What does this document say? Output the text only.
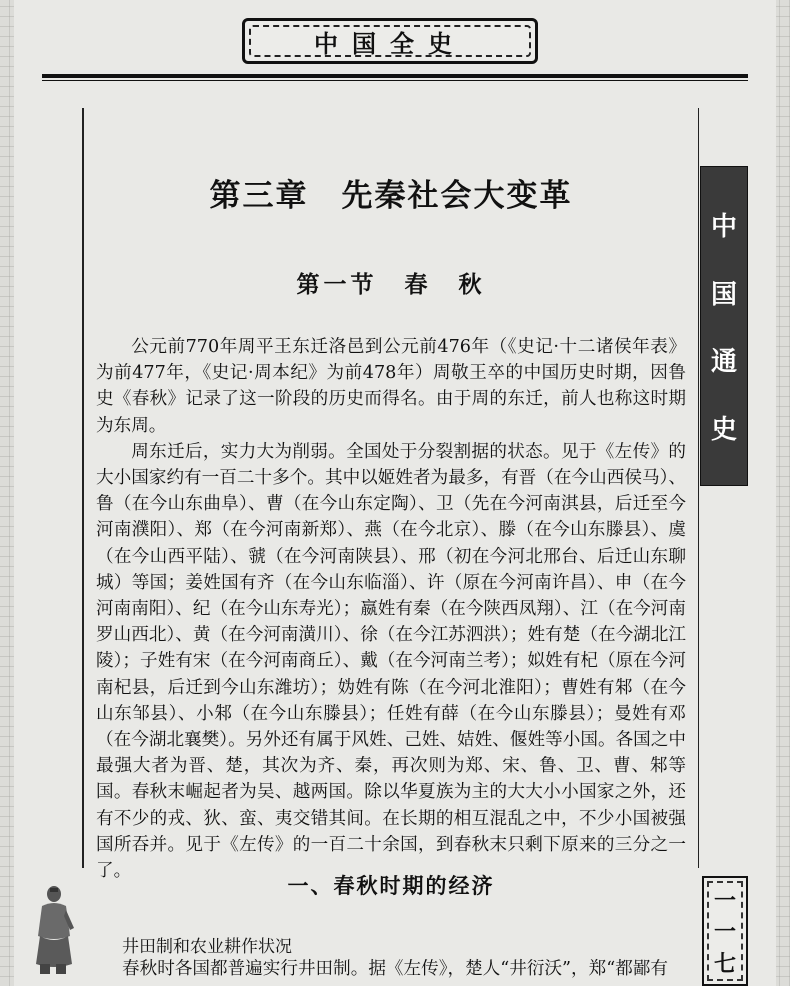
中国全史
中
国
通
史
第三章　先秦社会大变革
第一节　春　秋

公元前770年周平王东迁洛邑到公元前476年（《史记·十二诸侯年表》为前477年，《史记·周本纪》为前478年）周敬王卒的中国历史时期，因鲁史《春秋》记录了这一阶段的历史而得名。由于周的东迁，前人也称这时期为东周。

周东迁后，实力大为削弱。全国处于分裂割据的状态。见于《左传》的大小国家约有一百二十多个。其中以姬姓者为最多，有晋（在今山西侯马）、鲁（在今山东曲阜）、曹（在今山东定陶）、卫（先在今河南淇县，后迁至今河南濮阳）、郑（在今河南新郑）、燕（在今北京）、滕（在今山东滕县）、虞（在今山西平陆）、虢（在今河南陕县）、邢（初在今河北邢台、后迁山东聊城）等国；姜姓国有齐（在今山东临淄）、许（原在今河南许昌）、申（在今河南南阳）、纪（在今山东寿光）；嬴姓有秦（在今陕西凤翔）、江（在今河南罗山西北）、黄（在今河南潢川）、徐（在今江苏泗洪）；姓有楚（在今湖北江陵）；子姓有宋（在今河南商丘）、戴（在今河南兰考）；姒姓有杞（原在今河南杞县，后迁到今山东潍坊）；妫姓有陈（在今河北淮阳）；曹姓有邾（在今山东邹县）、小邾（在今山东滕县）；任姓有薛（在今山东滕县）；曼姓有邓（在今湖北襄樊）。另外还有属于风姓、己姓、姞姓、偃姓等小国。各国之中最强大者为晋、楚，其次为齐、秦，再次则为郑、宋、鲁、卫、曹、邾等国。春秋末崛起者为吴、越两国。除以华夏族为主的大大小小国家之外，还有不少的戎、狄、蛮、夷交错其间。在长期的相互混乱之中，不少小国被强国所吞并。见于《左传》的一百二十余国，到春秋末只剩下原来的三分之一了。

一、春秋时期的经济
井田制和农业耕作状况
春秋时各国都普遍实行井田制。据《左传》，楚人“井衍沃”，郑“都鄙有
一
一
七
